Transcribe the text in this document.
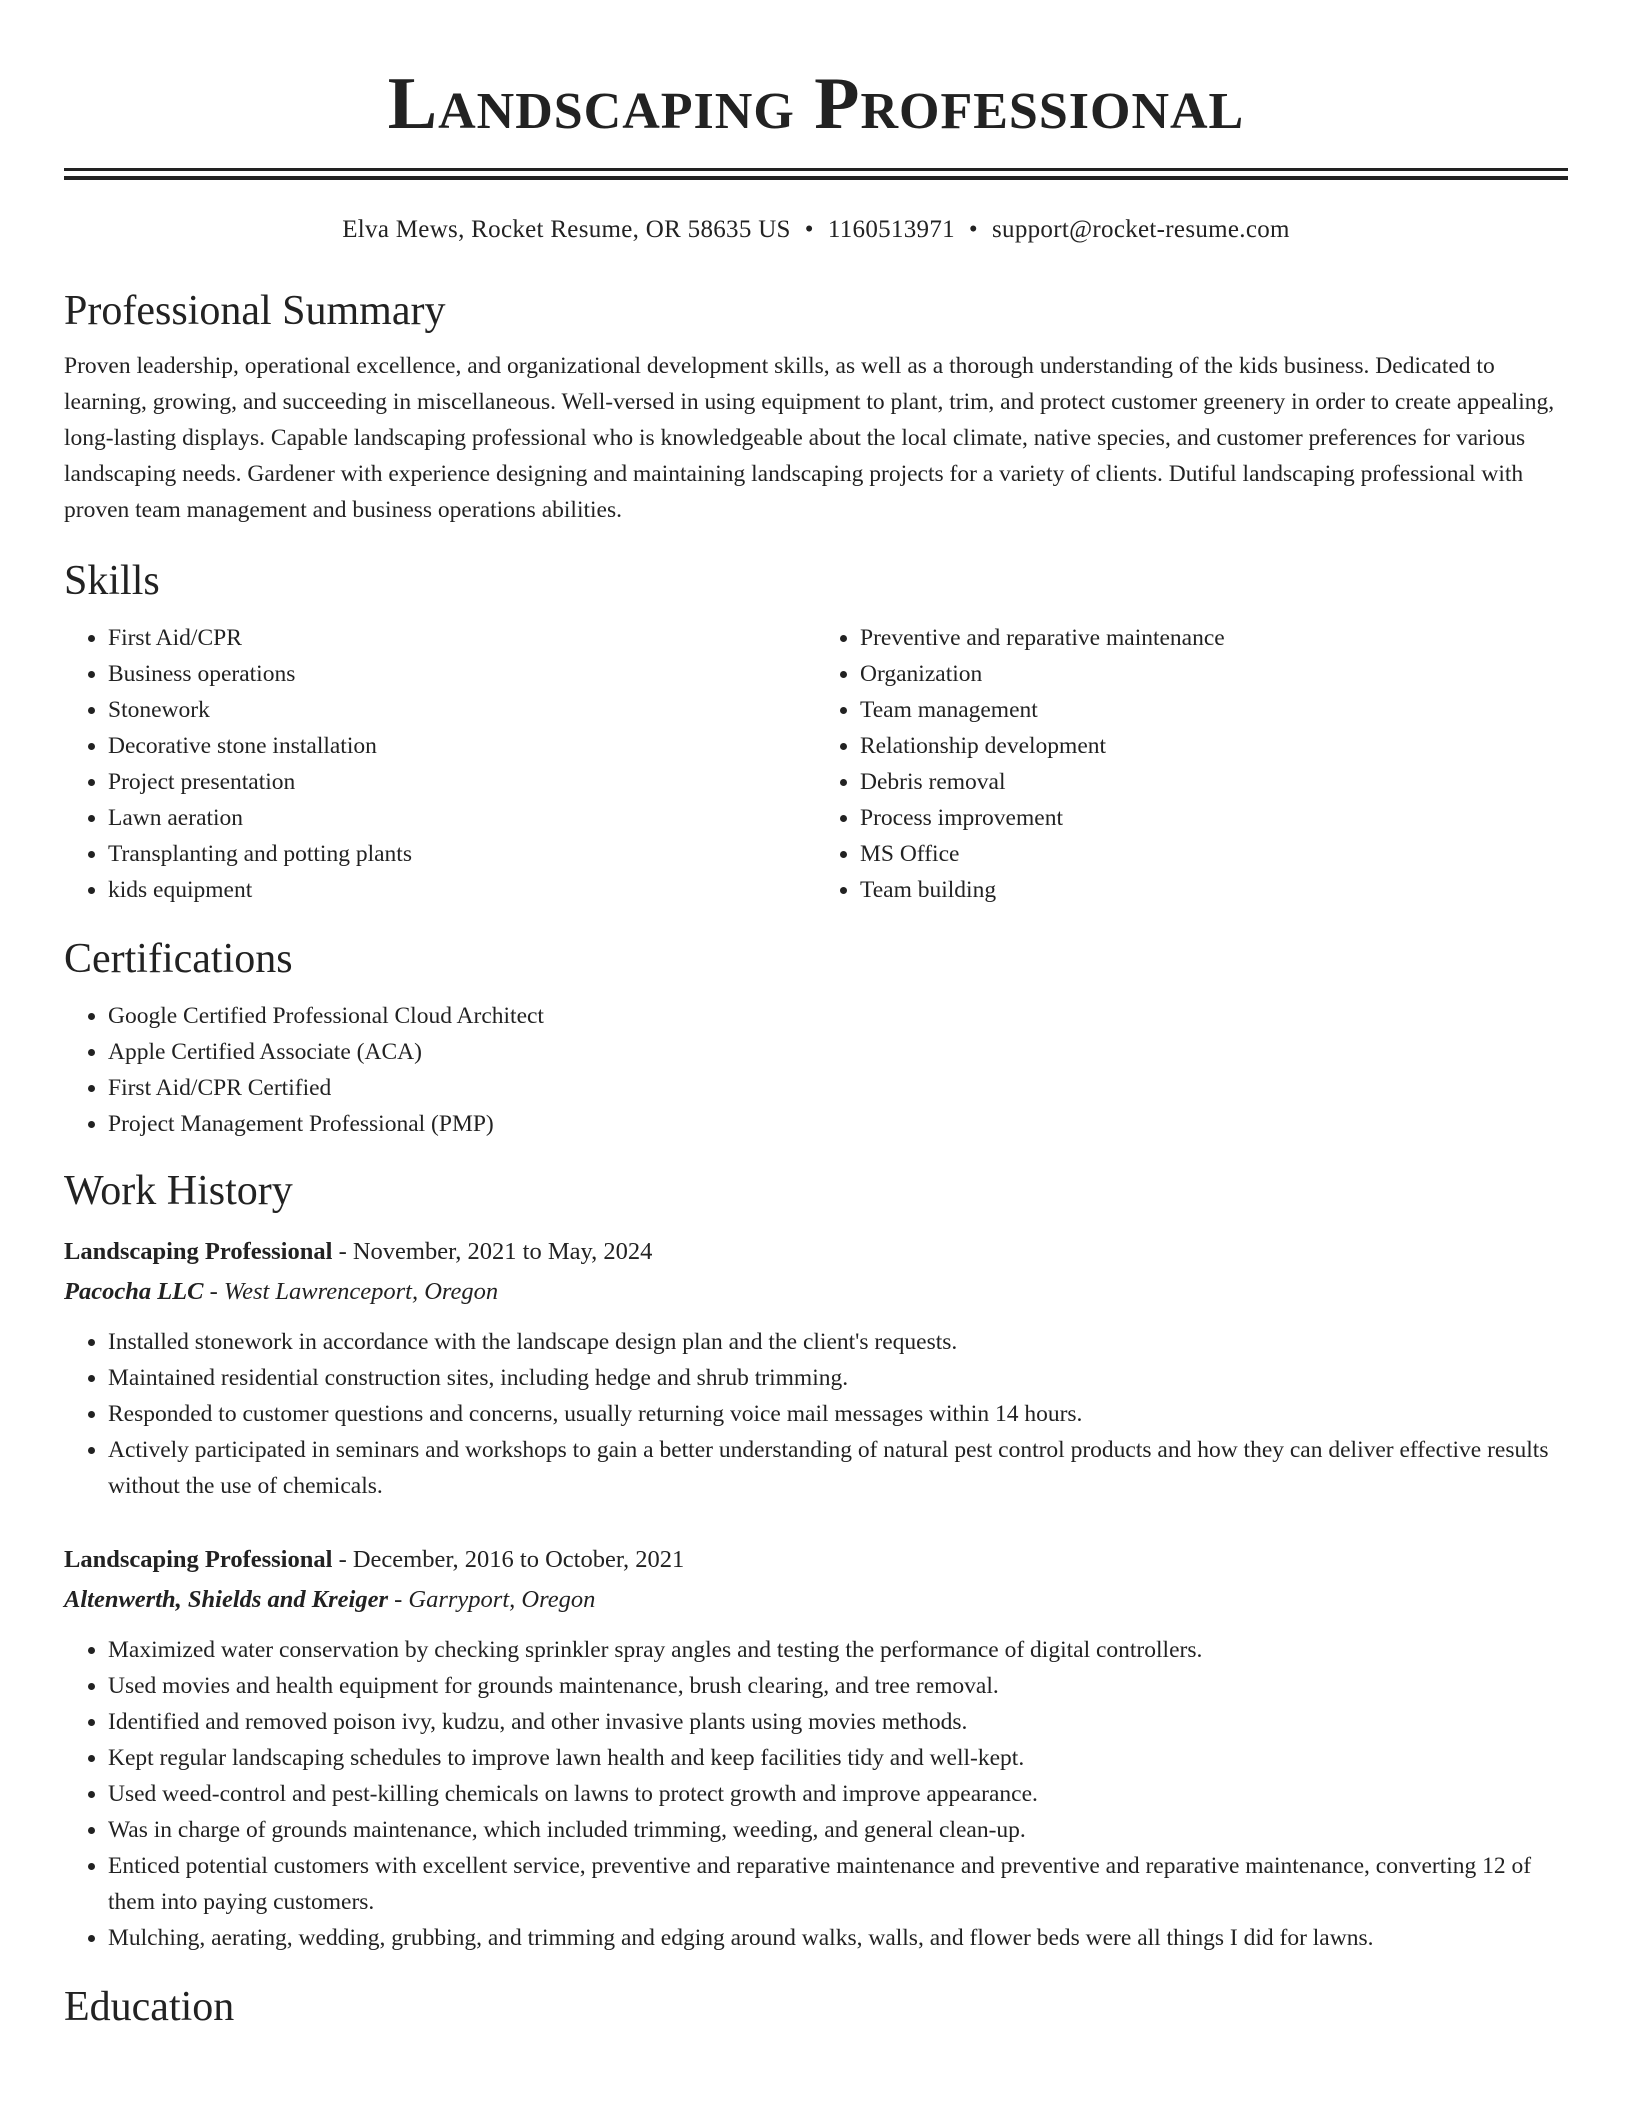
Landscaping Professional
Elva Mews, Rocket Resume, OR 58635 US • 1160513971 • support@rocket-resume.com
Professional Summary
Proven leadership, operational excellence, and organizational development skills, as well as a thorough understanding of the kids business. Dedicated to learning, growing, and succeeding in miscellaneous. Well-versed in using equipment to plant, trim, and protect customer greenery in order to create appealing, long-lasting displays. Capable landscaping professional who is knowledgeable about the local climate, native species, and customer preferences for various landscaping needs. Gardener with experience designing and maintaining landscaping projects for a variety of clients. Dutiful landscaping professional with proven team management and business operations abilities.
Skills
• First Aid/CPR
• Business operations
• Stonework
• Decorative stone installation
• Project presentation
• Lawn aeration
• Transplanting and potting plants
• kids equipment
• Preventive and reparative maintenance
• Organization
• Team management
• Relationship development
• Debris removal
• Process improvement
• MS Office
• Team building
Certifications
• Google Certified Professional Cloud Architect
• Apple Certified Associate (ACA)
• First Aid/CPR Certified
• Project Management Professional (PMP)
Work History
Landscaping Professional - November, 2021 to May, 2024
Pacocha LLC - West Lawrenceport, Oregon
• Installed stonework in accordance with the landscape design plan and the client's requests.
• Maintained residential construction sites, including hedge and shrub trimming.
• Responded to customer questions and concerns, usually returning voice mail messages within 14 hours.
• Actively participated in seminars and workshops to gain a better understanding of natural pest control products and how they can deliver effective results without the use of chemicals.
Landscaping Professional - December, 2016 to October, 2021
Altenwerth, Shields and Kreiger - Garryport, Oregon
• Maximized water conservation by checking sprinkler spray angles and testing the performance of digital controllers.
• Used movies and health equipment for grounds maintenance, brush clearing, and tree removal.
• Identified and removed poison ivy, kudzu, and other invasive plants using movies methods.
• Kept regular landscaping schedules to improve lawn health and keep facilities tidy and well-kept.
• Used weed-control and pest-killing chemicals on lawns to protect growth and improve appearance.
• Was in charge of grounds maintenance, which included trimming, weeding, and general clean-up.
• Enticed potential customers with excellent service, preventive and reparative maintenance and preventive and reparative maintenance, converting 12 of them into paying customers.
• Mulching, aerating, wedding, grubbing, and trimming and edging around walks, walls, and flower beds were all things I did for lawns.
Education
